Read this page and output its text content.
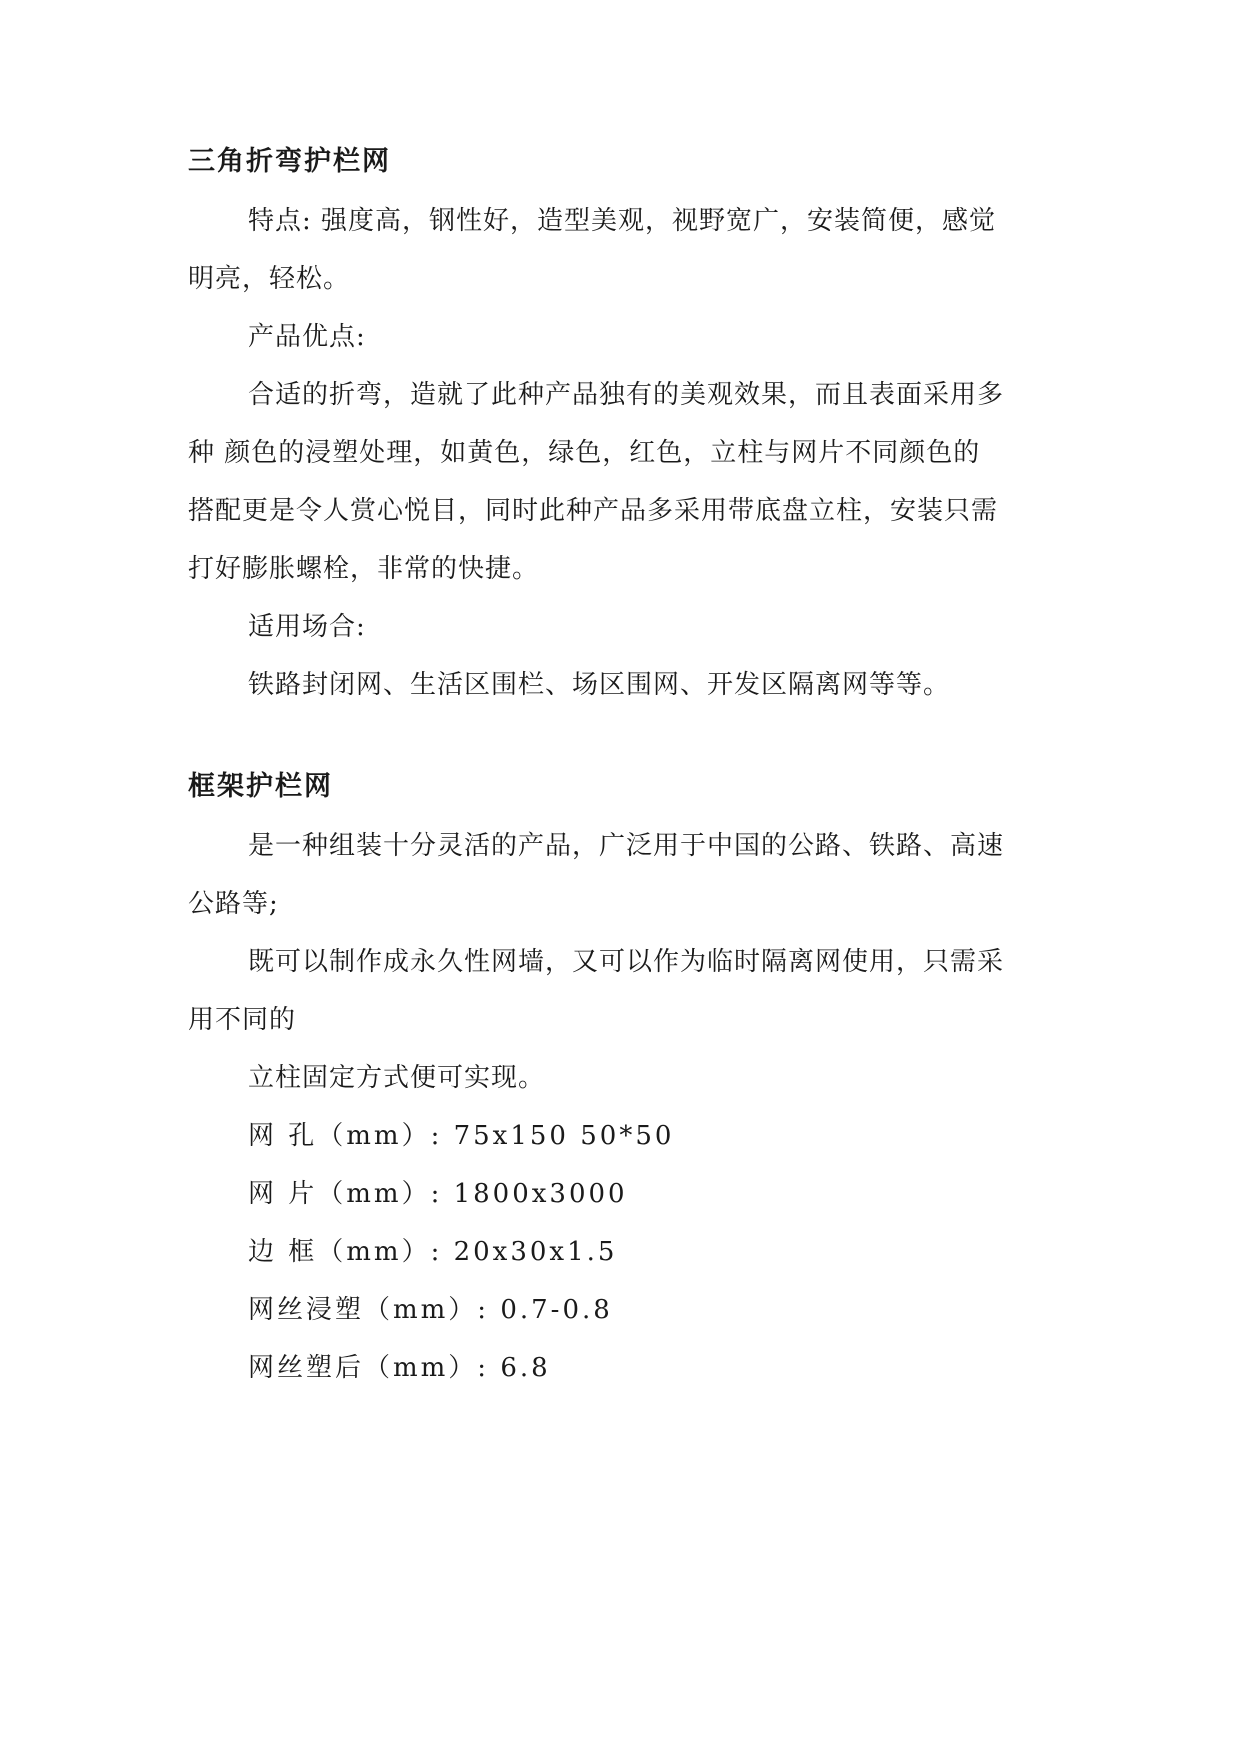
三角折弯护栏网
特点: 强度高，钢性好，造型美观，视野宽广，安装简便，感觉
明亮，轻松。
产品优点:
合适的折弯，造就了此种产品独有的美观效果，而且表面采用多
种 颜色的浸塑处理，如黄色，绿色，红色，立柱与网片不同颜色的
搭配更是令人赏心悦目，同时此种产品多采用带底盘立柱，安装只需
打好膨胀螺栓，非常的快捷。
适用场合:
铁路封闭网、生活区围栏、场区围网、开发区隔离网等等。
框架护栏网
是一种组装十分灵活的产品，广泛用于中国的公路、铁路、高速
公路等;
既可以制作成永久性网墙，又可以作为临时隔离网使用，只需采
用不同的
立柱固定方式便可实现。
网 孔（mm）: 75x150 50*50
网 片（mm）: 1800x3000
边 框（mm）: 20x30x1.5
网丝浸塑（mm）: 0.7-0.8
网丝塑后（mm）: 6.8
